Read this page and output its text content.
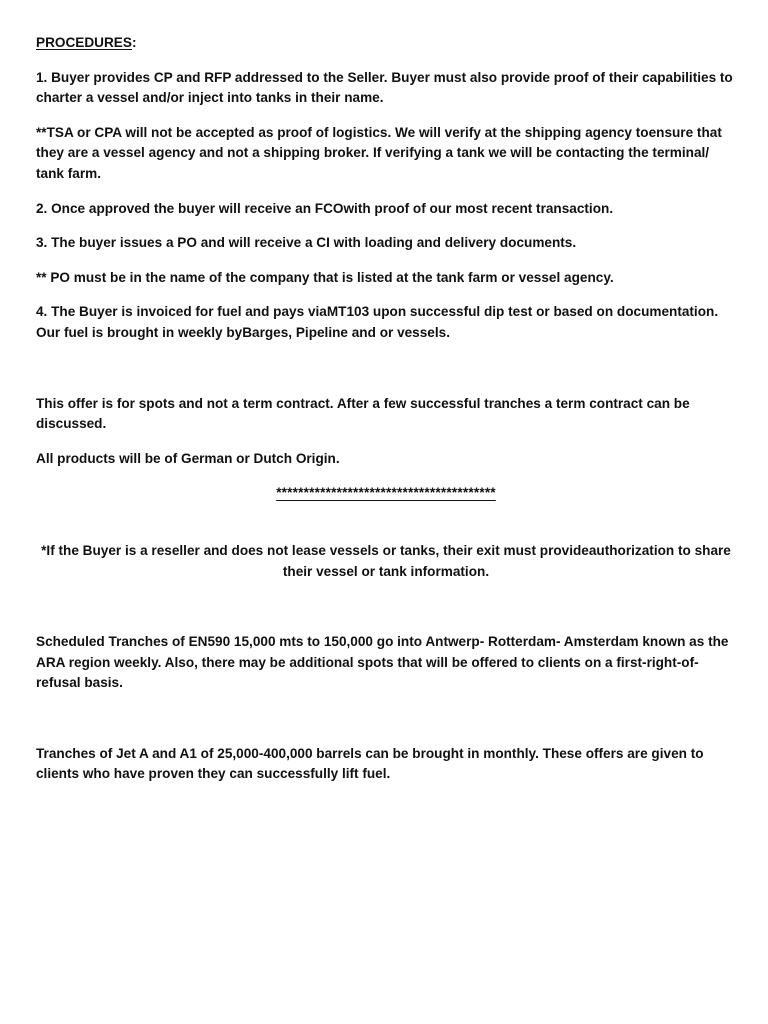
PROCEDURES:

1. Buyer provides CP and RFP addressed to the Seller. Buyer must also provide proof of their capabilities to charter a vessel and/or inject into tanks in their name.

**TSA or CPA will not be accepted as proof of logistics. We will verify at the shipping agency toensure that they are a vessel agency and not a shipping broker. If verifying a tank we will be contacting the terminal/ tank farm.

2. Once approved the buyer will receive an FCOwith proof of our most recent transaction.

3. The buyer issues a PO and will receive a CI with loading and delivery documents.

** PO must be in the name of the company that is listed at the tank farm or vessel agency.

4. The Buyer is invoiced for fuel and pays viaMT103 upon successful dip test or based on documentation. Our fuel is brought in weekly byBarges, Pipeline and or vessels.

This offer is for spots and not a term contract. After a few successful tranches a term contract can be discussed.

All products will be of German or Dutch Origin.

****************************************

*If the Buyer is a reseller and does not lease vessels or tanks, their exit must provideauthorization to share their vessel or tank information.

Scheduled Tranches of EN590 15,000 mts to 150,000 go into Antwerp- Rotterdam- Amsterdam known as the ARA region weekly. Also, there may be additional spots that will be offered to clients on a first-right-of-refusal basis.

Tranches of Jet A and A1 of 25,000-400,000 barrels can be brought in monthly. These offers are given to clients who have proven they can successfully lift fuel.
